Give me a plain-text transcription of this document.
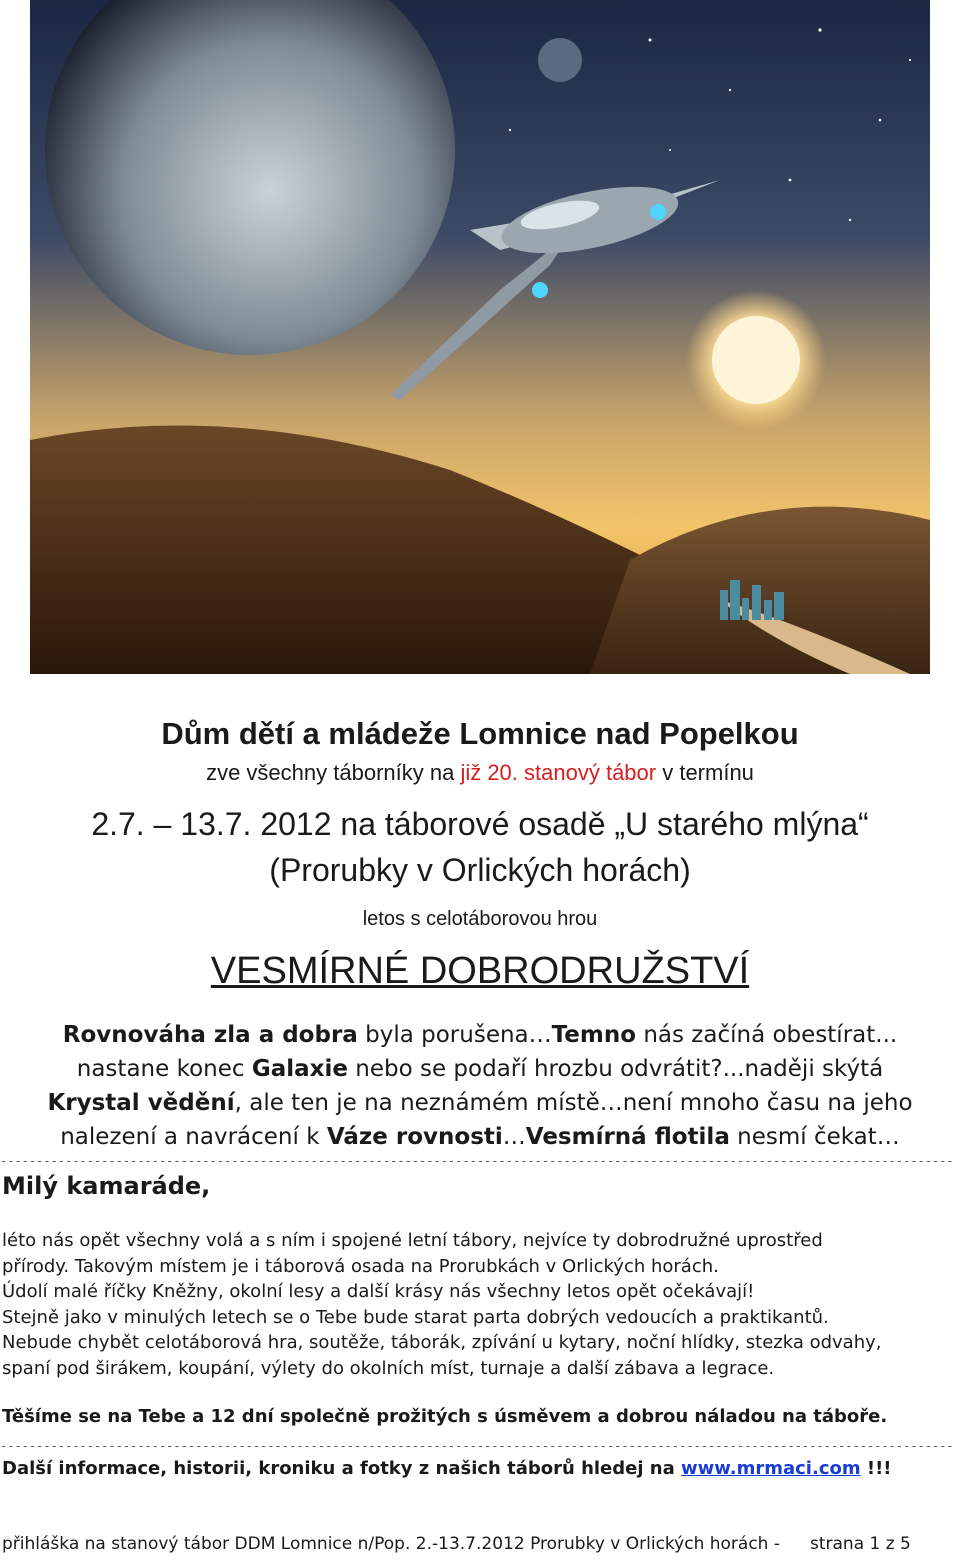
Dům dětí a mládeže Lomnice nad Popelkou
zve všechny táborníky na již 20. stanový tábor v termínu
2.7. – 13.7. 2012 na táborové osadě „U starého mlýna“
(Prorubky v Orlických horách)
letos s celotáborovou hrou
VESMÍRNÉ DOBRODRUŽSTVÍ
Rovnováha zla a dobra byla porušena…Temno nás začíná obestírat...
nastane konec Galaxie nebo se podaří hrozbu odvrátit?...naději skýtá
Krystal vědění, ale ten je na neznámém místě…není mnoho času na jeho
nalezení a navrácení k Váze rovnosti…Vesmírná flotila nesmí čekat…
------------------------------------------------------------------------------------------------------------------------------------
Milý kamaráde,

léto nás opět všechny volá a s ním i spojené letní tábory, nejvíce ty dobrodružné uprostřed

přírody. Takovým místem je i táborová osada na Prorubkách v Orlických horách.

Údolí malé říčky Kněžny, okolní lesy a další krásy nás všechny letos opět očekávají!

Stejně jako v minulých letech se o Tebe bude starat parta dobrých vedoucích a praktikantů.

Nebude chybět celotáborová hra, soutěže, táborák, zpívání u kytary, noční hlídky, stezka odvahy,

spaní pod širákem, koupání, výlety do okolních míst, turnaje a další zábava a legrace.

Těšíme se na Tebe a 12 dní společně prožitých s úsměvem a dobrou náladou na táboře.
------------------------------------------------------------------------------------------------------------------------------------
Další informace, historii, kroniku a fotky z našich táborů hledej na www.mrmaci.com !!!
přihláška na stanový tábor DDM Lomnice n/Pop. 2.-13.7.2012 Prorubky v Orlických horách - strana 1 z 5
